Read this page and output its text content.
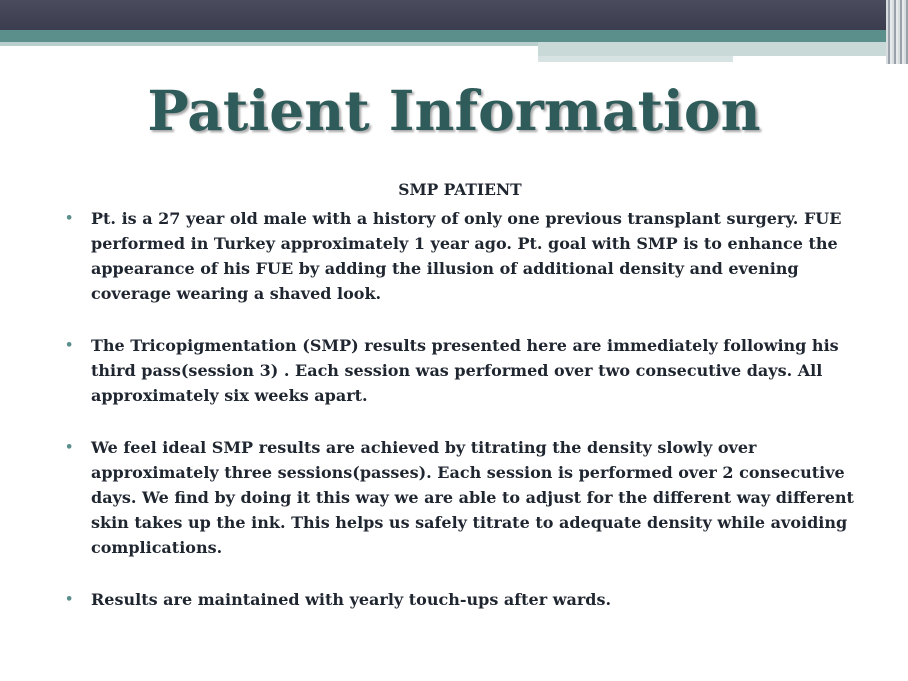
Patient Information
SMP PATIENT
• Pt. is a 27 year old male with a history of only one previous transplant surgery. FUE performed in Turkey approximately 1 year ago. Pt. goal with SMP is to enhance the appearance of his FUE by adding the illusion of additional density and evening coverage wearing a shaved look.
• The Tricopigmentation (SMP) results presented here are immediately following his third pass(session 3) . Each session was performed over two consecutive days. All approximately six weeks apart.
• We feel ideal SMP results are achieved by titrating the density slowly over approximately three sessions(passes). Each session is performed over 2 consecutive days. We find by doing it this way we are able to adjust for the different way different skin takes up the ink. This helps us safely titrate to adequate density while avoiding complications.
• Results are maintained with yearly touch-ups after wards.
